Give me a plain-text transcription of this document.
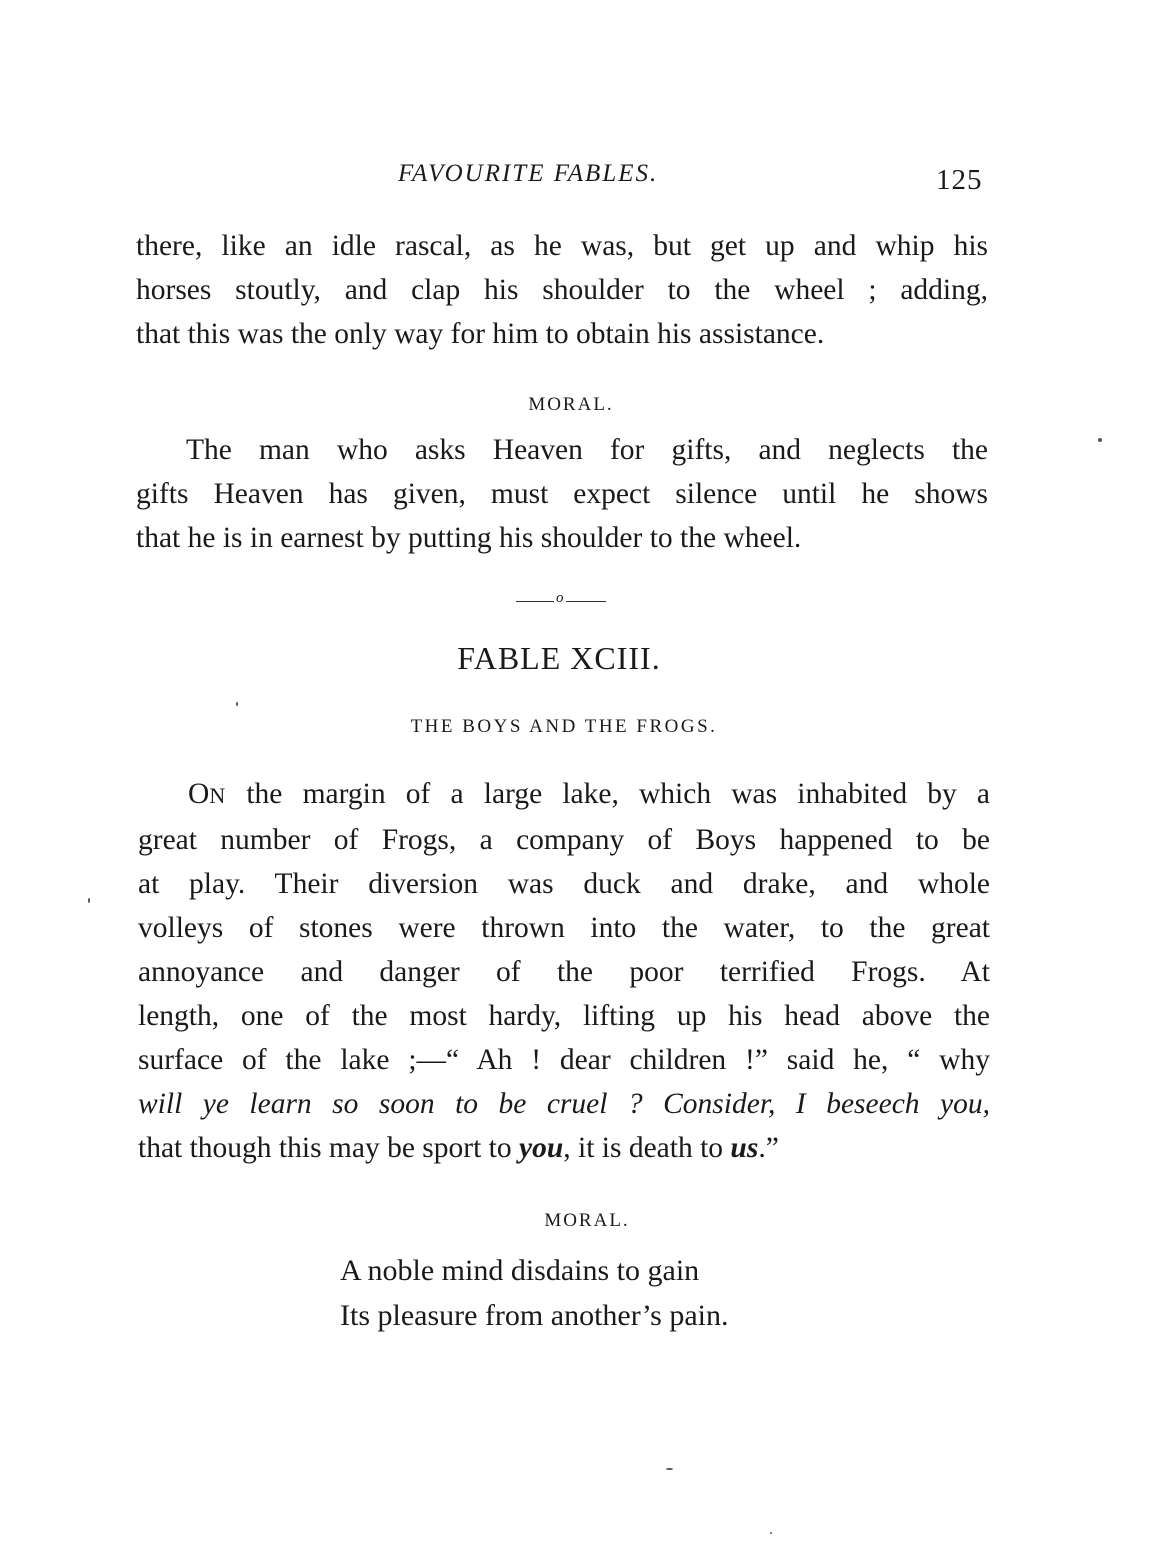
FAVOURITE FABLES.	125
there, like an idle rascal, as he was, but get up and whip his
horses stoutly, and clap his shoulder to the wheel ; adding,
that this was the only way for him to obtain his assistance.
MORAL.
The man who asks Heaven for gifts, and neglects the
gifts Heaven has given, must expect silence until he shows
that he is in earnest by putting his shoulder to the wheel.
o
FABLE XCIII.
THE BOYS AND THE FROGS.
ON the margin of a large lake, which was inhabited by a
great number of Frogs, a company of Boys happened to be
at play. Their diversion was duck and drake, and whole
volleys of stones were thrown into the water, to the great
annoyance and danger of the poor terrified Frogs. At
length, one of the most hardy, lifting up his head above the
surface of the lake ;—“ Ah ! dear children !” said he, “ why
will ye learn so soon to be cruel ? Consider, I beseech you,
that though this may be sport to you, it is death to us.”
MORAL.
A noble mind disdains to gain
Its pleasure from another’s pain.
